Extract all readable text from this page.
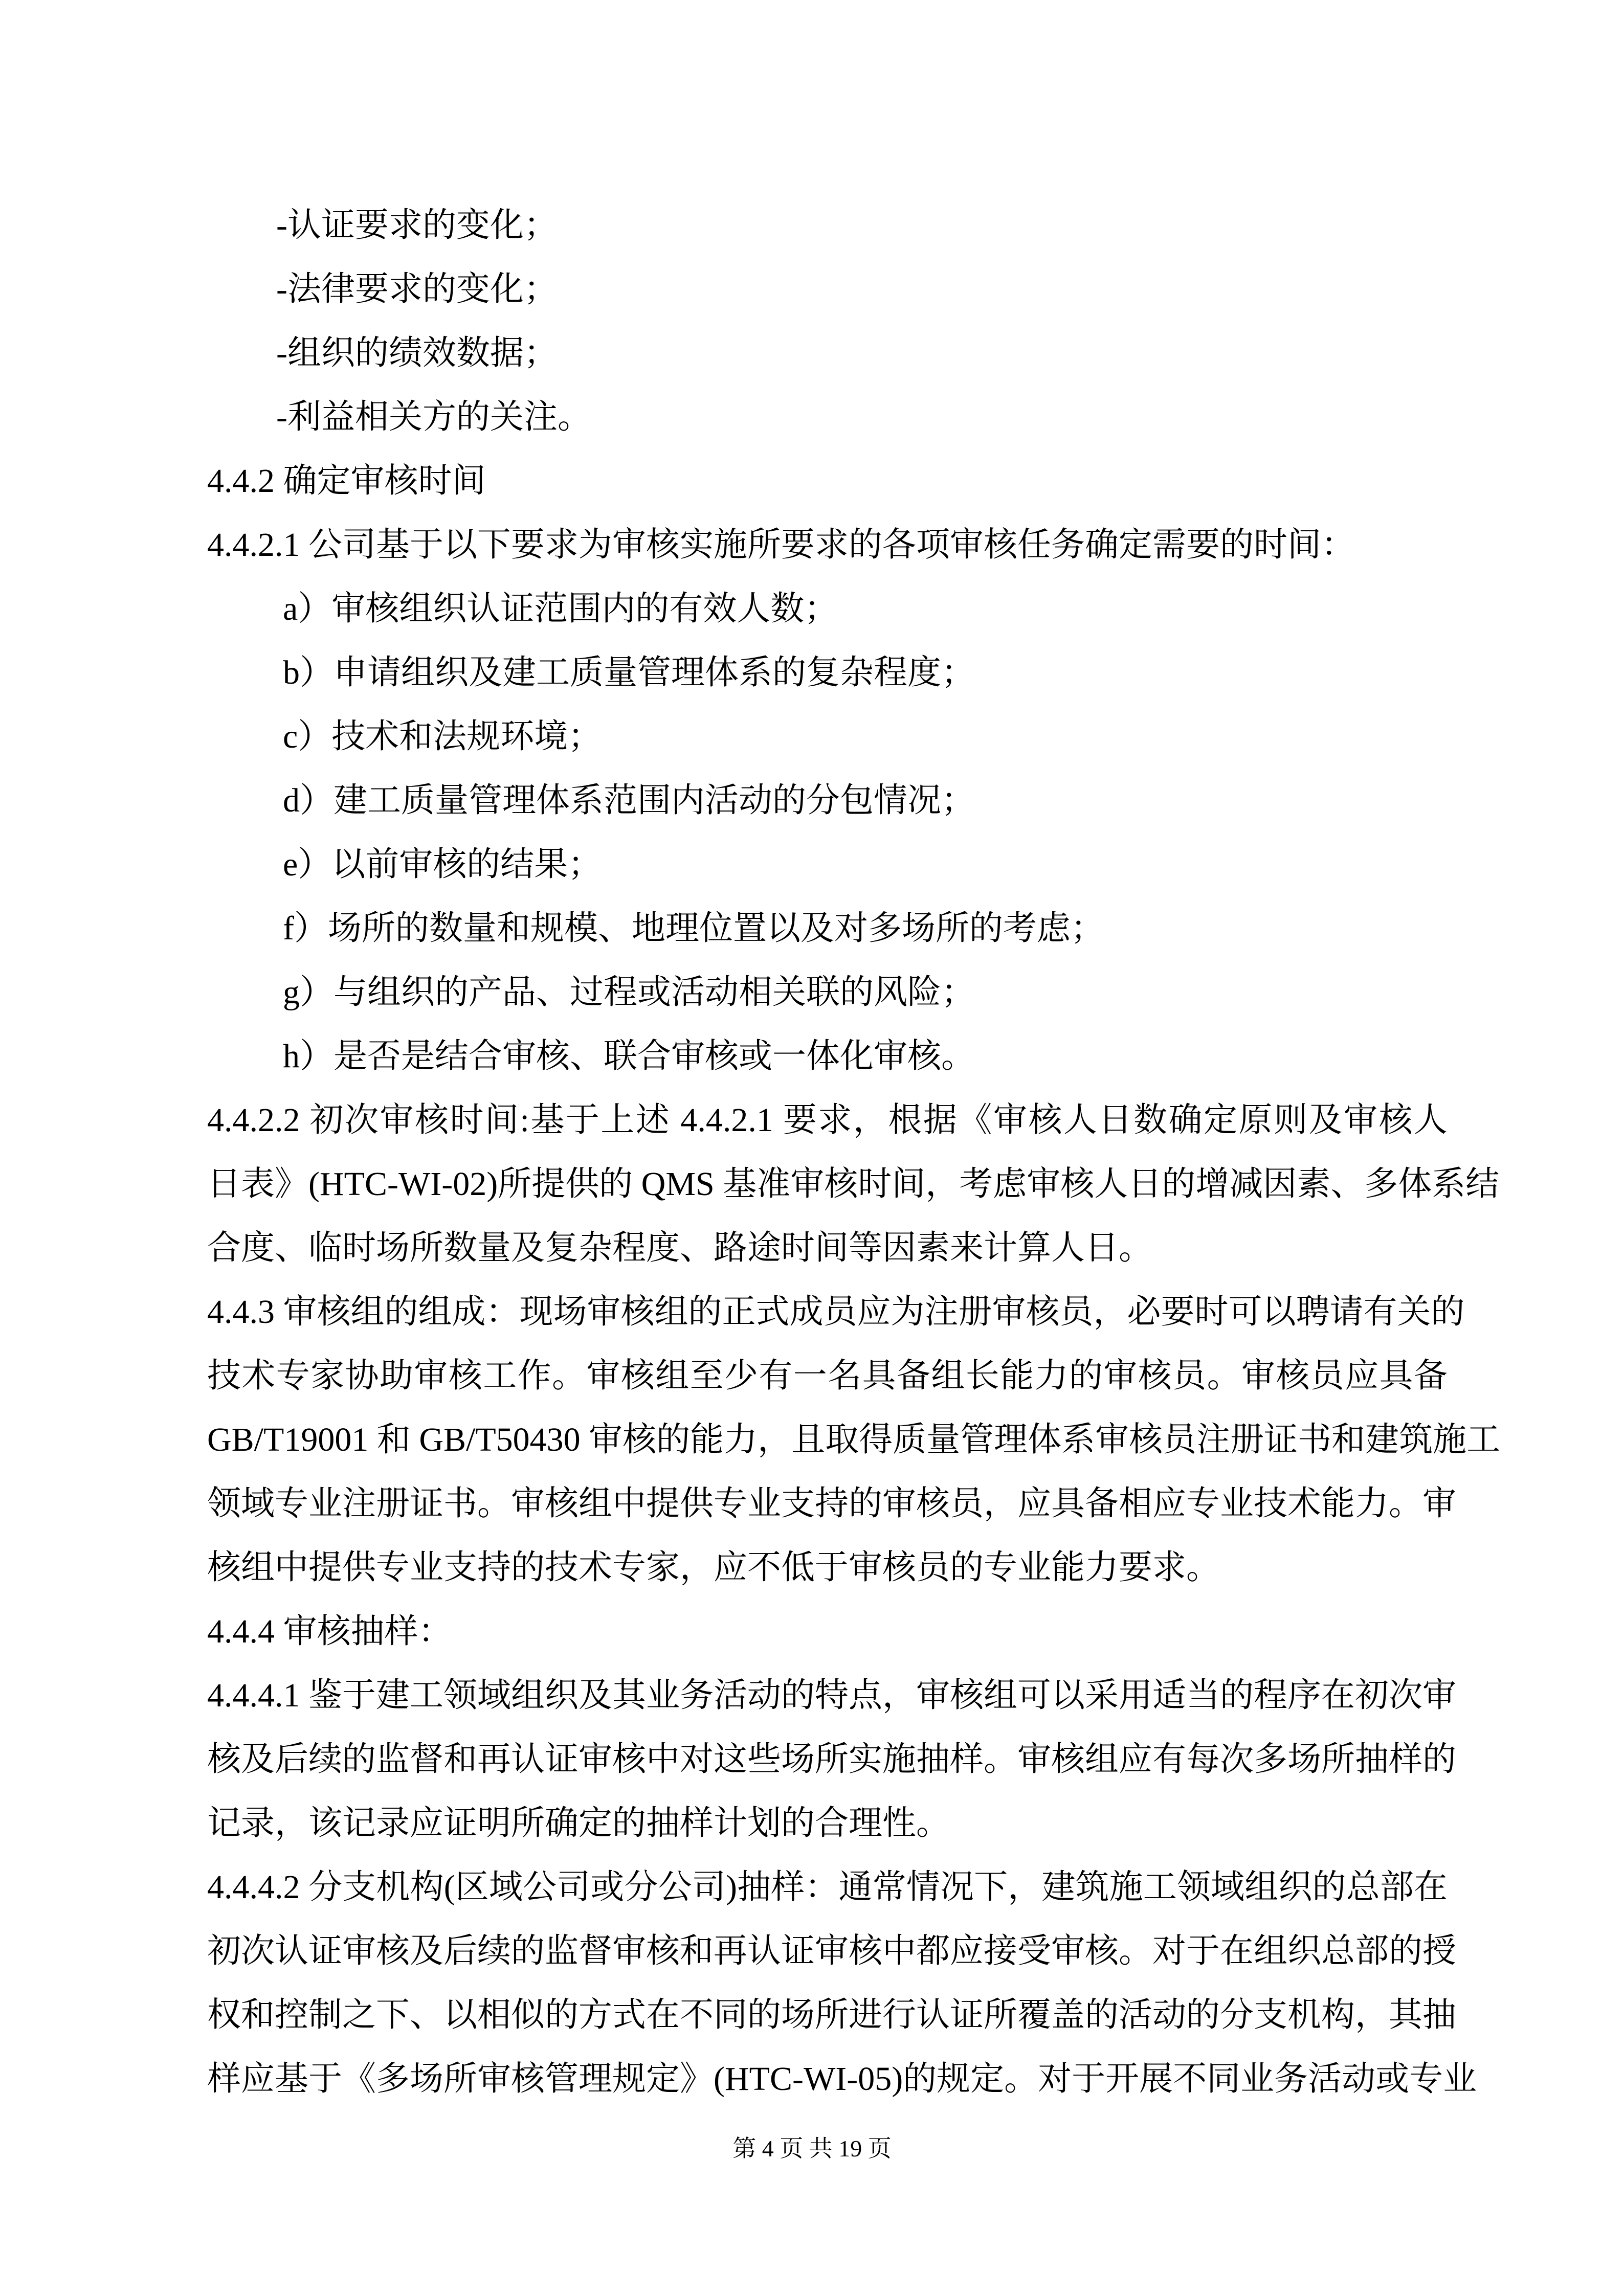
-认证要求的变化；
-法律要求的变化；
-组织的绩效数据；
-利益相关方的关注。
4.4.2 确定审核时间
4.4.2.1 公司基于以下要求为审核实施所要求的各项审核任务确定需要的时间：
a）审核组织认证范围内的有效人数；
b）申请组织及建工质量管理体系的复杂程度；
c）技术和法规环境；
d）建工质量管理体系范围内活动的分包情况；
e）以前审核的结果；
f）场所的数量和规模、地理位置以及对多场所的考虑；
g）与组织的产品、过程或活动相关联的风险；
h）是否是结合审核、联合审核或一体化审核。
4.4.2.2 初次审核时间:基于上述 4.4.2.1 要求，根据《审核人日数确定原则及审核人
日表》(HTC-WI-02)所提供的 QMS 基准审核时间，考虑审核人日的增减因素、多体系结
合度、临时场所数量及复杂程度、路途时间等因素来计算人日。
4.4.3 审核组的组成：现场审核组的正式成员应为注册审核员，必要时可以聘请有关的
技术专家协助审核工作。审核组至少有一名具备组长能力的审核员。审核员应具备
GB/T19001 和 GB/T50430 审核的能力，且取得质量管理体系审核员注册证书和建筑施工
领域专业注册证书。审核组中提供专业支持的审核员，应具备相应专业技术能力。审
核组中提供专业支持的技术专家，应不低于审核员的专业能力要求。
4.4.4 审核抽样：
4.4.4.1 鉴于建工领域组织及其业务活动的特点，审核组可以采用适当的程序在初次审
核及后续的监督和再认证审核中对这些场所实施抽样。审核组应有每次多场所抽样的
记录，该记录应证明所确定的抽样计划的合理性。
4.4.4.2 分支机构(区域公司或分公司)抽样：通常情况下，建筑施工领域组织的总部在
初次认证审核及后续的监督审核和再认证审核中都应接受审核。对于在组织总部的授
权和控制之下、以相似的方式在不同的场所进行认证所覆盖的活动的分支机构，其抽
样应基于《多场所审核管理规定》(HTC-WI-05)的规定。对于开展不同业务活动或专业
第 4 页 共 19 页
